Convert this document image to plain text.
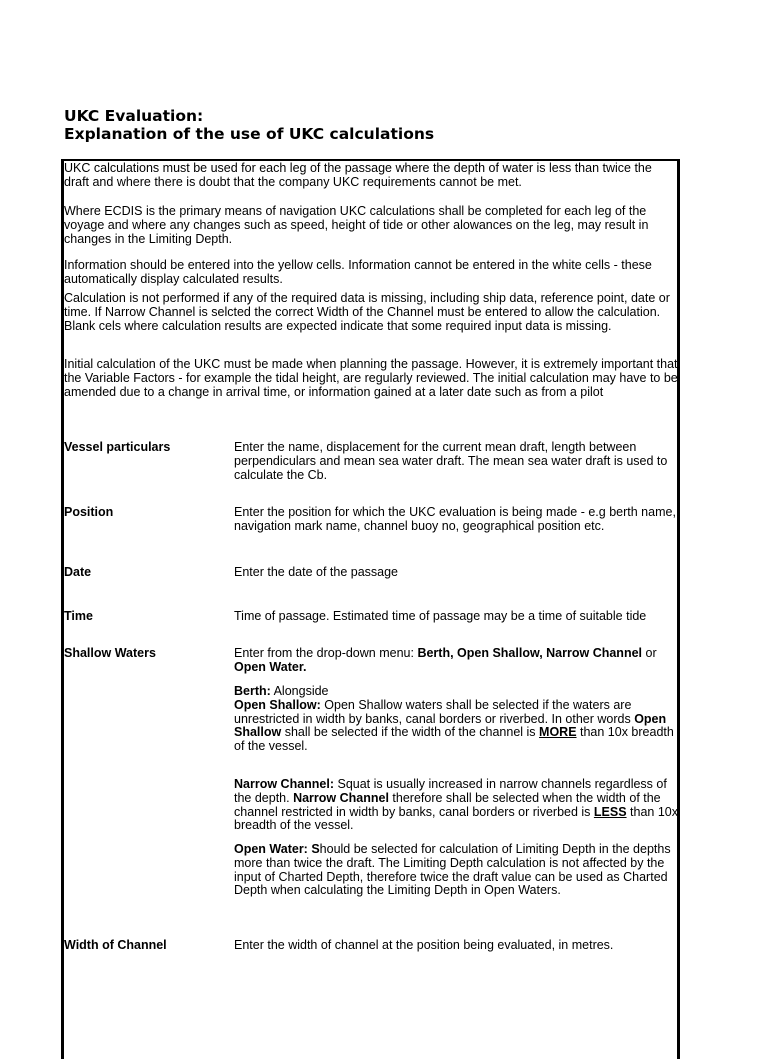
UKC Evaluation:
Explanation of the use of UKC calculations
UKC calculations must be used for each leg of the passage where the depth of water is less than twice the draft and where there is doubt that the company UKC requirements cannot be met.
Where ECDIS is the primary means of navigation UKC calculations shall be completed for each leg of the voyage and where any changes such as speed, height of tide or other alowances on the leg, may result in changes in the Limiting Depth.
Information should be entered into the yellow cells. Information cannot be entered in the white cells - these automatically display calculated results.
Calculation is not performed if any of the required data is missing, including ship data, reference point, date or time. If Narrow Channel is selcted the correct Width of the Channel must be entered to allow the calculation. Blank cels where calculation results are expected indicate that some required input data is missing.
Initial calculation of the UKC must be made when planning the passage. However, it is extremely important that the Variable Factors - for example the tidal height, are regularly reviewed. The initial calculation may have to be amended due to a change in arrival time, or information gained at a later date such as from a pilot
Vessel particulars	Enter the name, displacement for the current mean draft, length between perpendiculars and mean sea water draft. The mean sea water draft is used to calculate the Cb.
Position	Enter the position for which the UKC evaluation is being made - e.g berth name, navigation mark name, channel buoy no, geographical position etc.
Date	Enter the date of the passage
Time	Time of passage. Estimated time of passage may be a time of suitable tide
Shallow Waters	Enter from the drop-down menu: Berth, Open Shallow, Narrow Channel or Open Water.
Berth: Alongside
Open Shallow: Open Shallow waters shall be selected if the waters are unrestricted in width by banks, canal borders or riverbed. In other words Open Shallow shall be selected if the width of the channel is MORE than 10x breadth of the vessel.
Narrow Channel: Squat is usually increased in narrow channels regardless of the depth. Narrow Channel therefore shall be selected when the width of the channel restricted in width by banks, canal borders or riverbed is LESS than 10x breadth of the vessel.
Open Water: Should be selected for calculation of Limiting Depth in the depths more than twice the draft. The Limiting Depth calculation is not affected by the input of Charted Depth, therefore twice the draft value can be used as Charted Depth when calculating the Limiting Depth in Open Waters.
Width of Channel	Enter the width of channel at the position being evaluated, in metres.
